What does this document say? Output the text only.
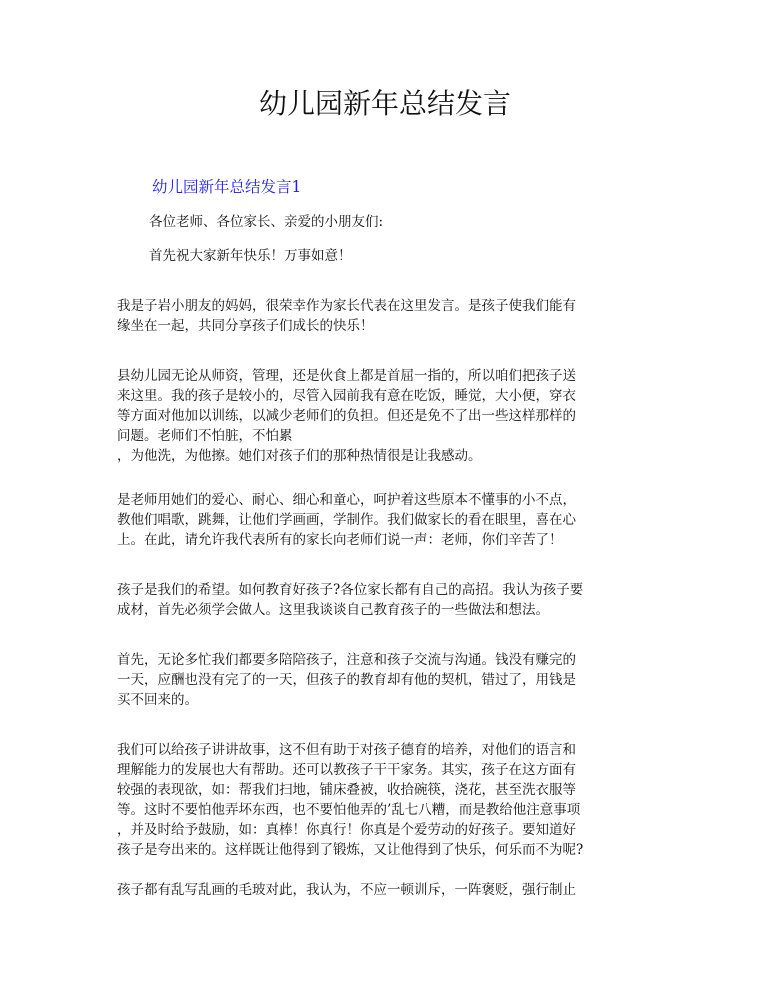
幼儿园新年总结发言

幼儿园新年总结发言1

各位老师、各位家长、亲爱的小朋友们:

首先祝大家新年快乐！万事如意！

我是子岩小朋友的妈妈，很荣幸作为家长代表在这里发言。是孩子使我们能有
缘坐在一起，共同分享孩子们成长的快乐！
县幼儿园无论从师资，管理，还是伙食上都是首屈一指的，所以咱们把孩子送
来这里。我的孩子是较小的，尽管入园前我有意在吃饭，睡觉，大小便，穿衣
等方面对他加以训练，以减少老师们的负担。但还是免不了出一些这样那样的
问题。老师们不怕脏，不怕累
，为他洗，为他擦。她们对孩子们的那种热情很是让我感动。
是老师用她们的爱心、耐心、细心和童心，呵护着这些原本不懂事的小不点，
教他们唱歌，跳舞，让他们学画画，学制作。我们做家长的看在眼里，喜在心
上。在此，请允许我代表所有的家长向老师们说一声：老师，你们辛苦了！
孩子是我们的希望。如何教育好孩子?各位家长都有自己的高招。我认为孩子要
成材，首先必须学会做人。这里我谈谈自己教育孩子的一些做法和想法。
首先，无论多忙我们都要多陪陪孩子，注意和孩子交流与沟通。钱没有赚完的
一天，应酬也没有完了的一天，但孩子的教育却有他的契机，错过了，用钱是
买不回来的。
我们可以给孩子讲讲故事，这不但有助于对孩子德育的培养，对他们的语言和
理解能力的发展也大有帮助。还可以教孩子干干家务。其实，孩子在这方面有
较强的表现欲，如：帮我们扫地，铺床叠被，收拾碗筷，浇花，甚至洗衣服等
等。这时不要怕他弄坏东西，也不要怕他弄的’乱七八糟，而是教给他注意事项
，并及时给予鼓励，如：真棒！你真行！你真是个爱劳动的好孩子。要知道好
孩子是夸出来的。这样既让他得到了锻炼，又让他得到了快乐，何乐而不为呢?
孩子都有乱写乱画的毛玻对此，我认为，不应一顿训斥，一阵褒贬，强行制止
